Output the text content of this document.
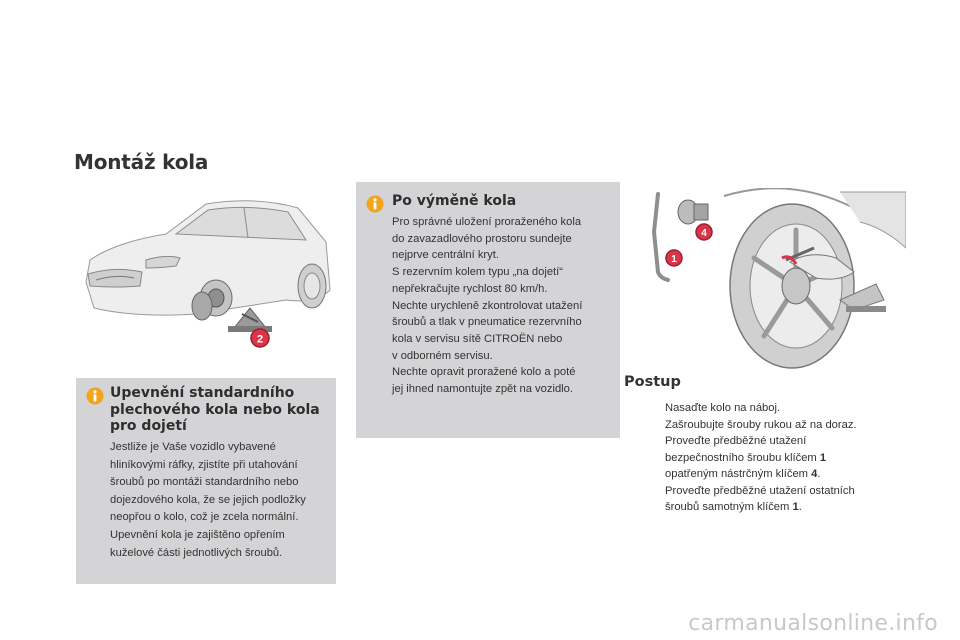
Montáž kola
2
1
4
Po výměně kola
Pro správné uložení proraženého kola
do zavazadlového prostoru sundejte
nejprve centrální kryt.
S rezervním kolem typu „na dojetí“
nepřekračujte rychlost 80 km/h.
Nechte urychleně zkontrolovat utažení
šroubů a tlak v pneumatice rezervního
kola v servisu sítě CITROËN nebo
v odborném servisu.
Nechte opravit proražené kolo a poté
jej ihned namontujte zpět na vozidlo.
Upevnění standardního
plechového kola nebo kola
pro dojetí
Jestliže je Vaše vozidlo vybavené
hliníkovými ráfky, zjistíte při utahování
šroubů po montáži standardního nebo
dojezdového kola, že se jejich podložky
neopřou o kolo, což je zcela normální.
Upevnění kola je zajištěno opřením
kuželové části jednotlivých šroubů.
Postup
Nasaďte kolo na náboj.
Zašroubujte šrouby rukou až na doraz.
Proveďte předběžné utažení
bezpečnostního šroubu klíčem 1
opatřeným nástrčným klíčem 4.
Proveďte předběžné utažení ostatních
šroubů samotným klíčem 1.
carmanualsonline.info
